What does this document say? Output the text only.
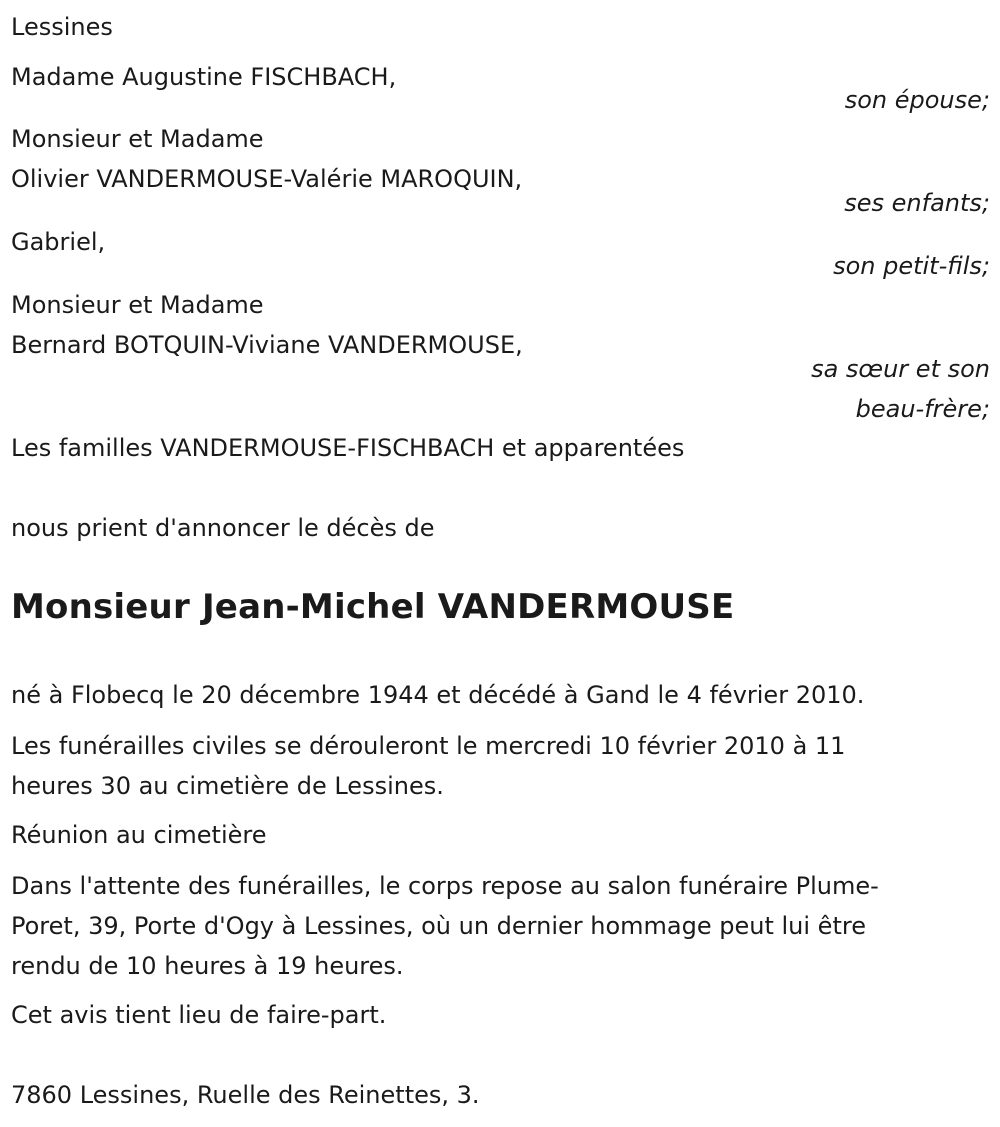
Lessines
Madame Augustine FISCHBACH,
son épouse;
Monsieur et Madame
Olivier VANDERMOUSE-Valérie MAROQUIN,
ses enfants;
Gabriel,
son petit-fils;
Monsieur et Madame
Bernard BOTQUIN-Viviane VANDERMOUSE,
sa sœur et son
beau-frère;
Les familles VANDERMOUSE-FISCHBACH et apparentées
nous prient d'annoncer le décès de
Monsieur Jean-Michel VANDERMOUSE
né à Flobecq le 20 décembre 1944 et décédé à Gand le 4 février 2010.
Les funérailles civiles se dérouleront le mercredi 10 février 2010 à 11
heures 30 au cimetière de Lessines.
Réunion au cimetière
Dans l'attente des funérailles, le corps repose au salon funéraire Plume-
Poret, 39, Porte d'Ogy à Lessines, où un dernier hommage peut lui être
rendu de 10 heures à 19 heures.
Cet avis tient lieu de faire-part.
7860 Lessines, Ruelle des Reinettes, 3.
